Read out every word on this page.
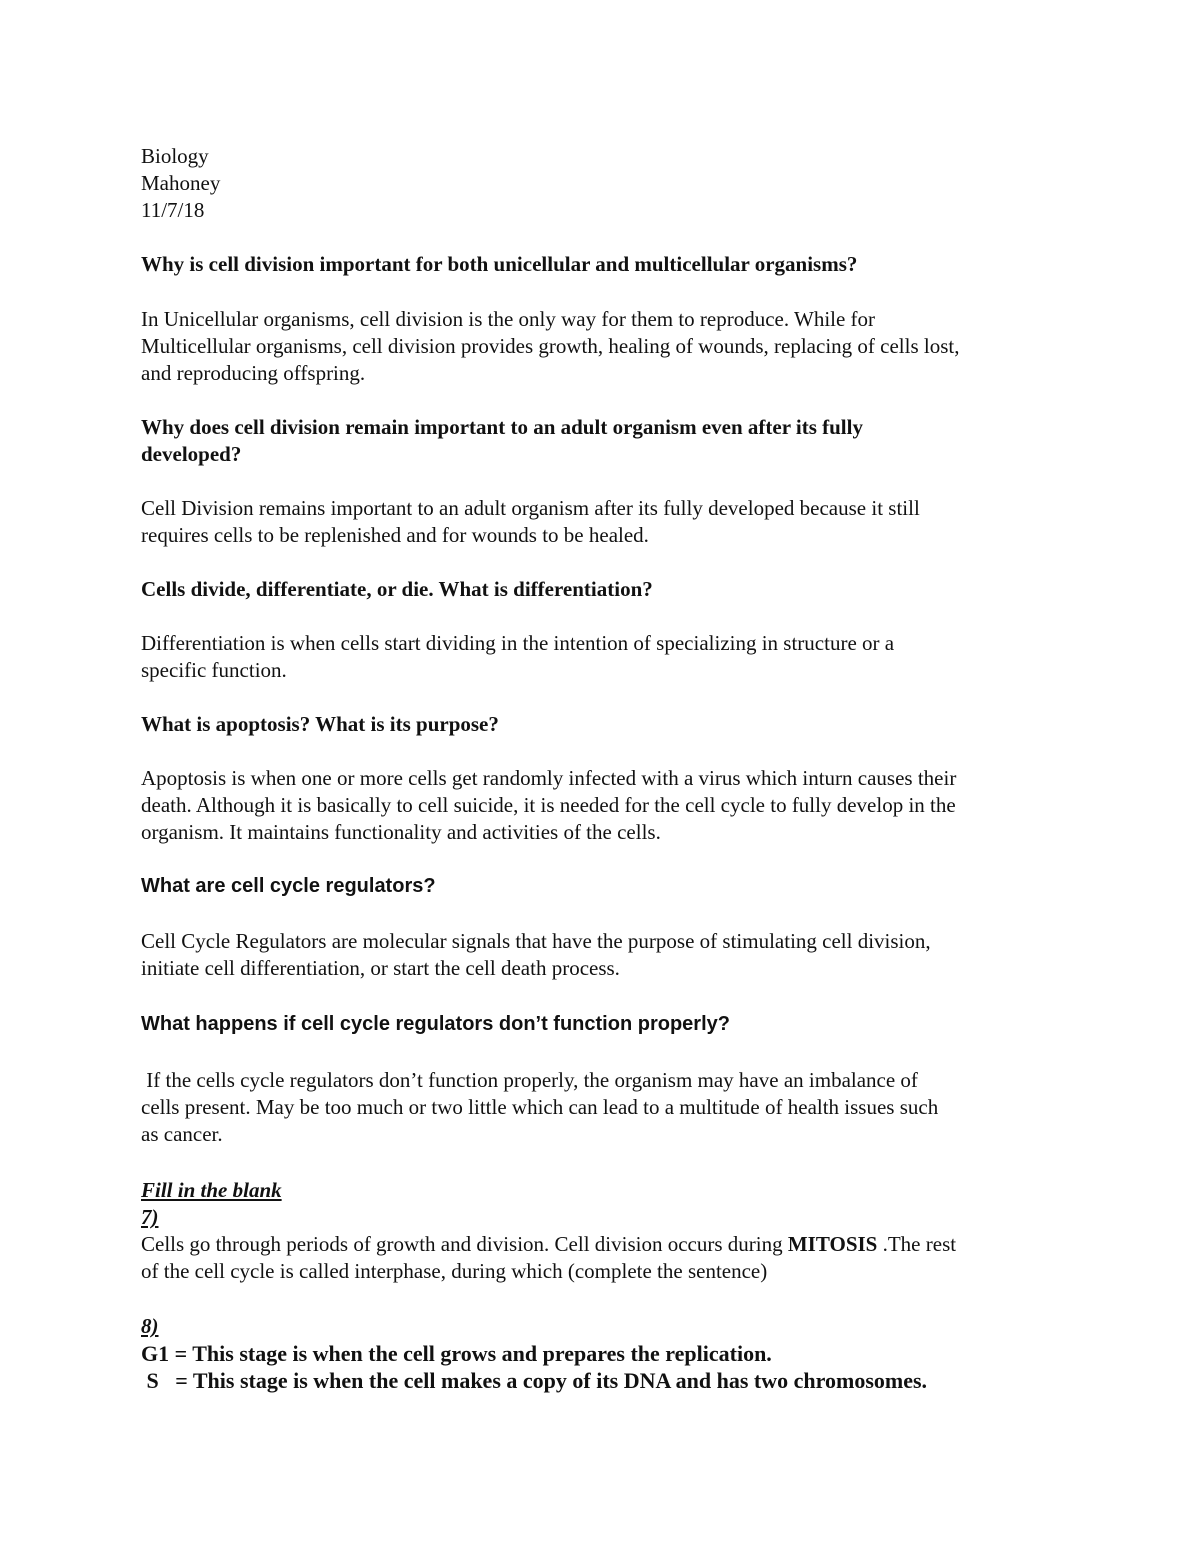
Biology
Mahoney
11/7/18
Why is cell division important for both unicellular and multicellular organisms?
In Unicellular organisms, cell division is the only way for them to reproduce. While for
Multicellular organisms, cell division provides growth, healing of wounds, replacing of cells lost,
and reproducing offspring.
Why does cell division remain important to an adult organism even after its fully
developed?
Cell Division remains important to an adult organism after its fully developed because it still
requires cells to be replenished and for wounds to be healed.
Cells divide, differentiate, or die. What is differentiation?
Differentiation is when cells start dividing in the intention of specializing in structure or a
specific function.
What is apoptosis? What is its purpose?
Apoptosis is when one or more cells get randomly infected with a virus which inturn causes their
death. Although it is basically to cell suicide, it is needed for the cell cycle to fully develop in the
organism. It maintains functionality and activities of the cells.
What are cell cycle regulators?
Cell Cycle Regulators are molecular signals that have the purpose of stimulating cell division,
initiate cell differentiation, or start the cell death process.
What happens if cell cycle regulators don’t function properly?
If the cells cycle regulators don’t function properly, the organism may have an imbalance of
cells present. May be too much or two little which can lead to a multitude of health issues such
as cancer.
Fill in the blank
7)
Cells go through periods of growth and division. Cell division occurs during MITOSIS .The rest
of the cell cycle is called interphase, during which (complete the sentence)
8)
G1 = This stage is when the cell grows and prepares the replication.
S   = This stage is when the cell makes a copy of its DNA and has two chromosomes.
